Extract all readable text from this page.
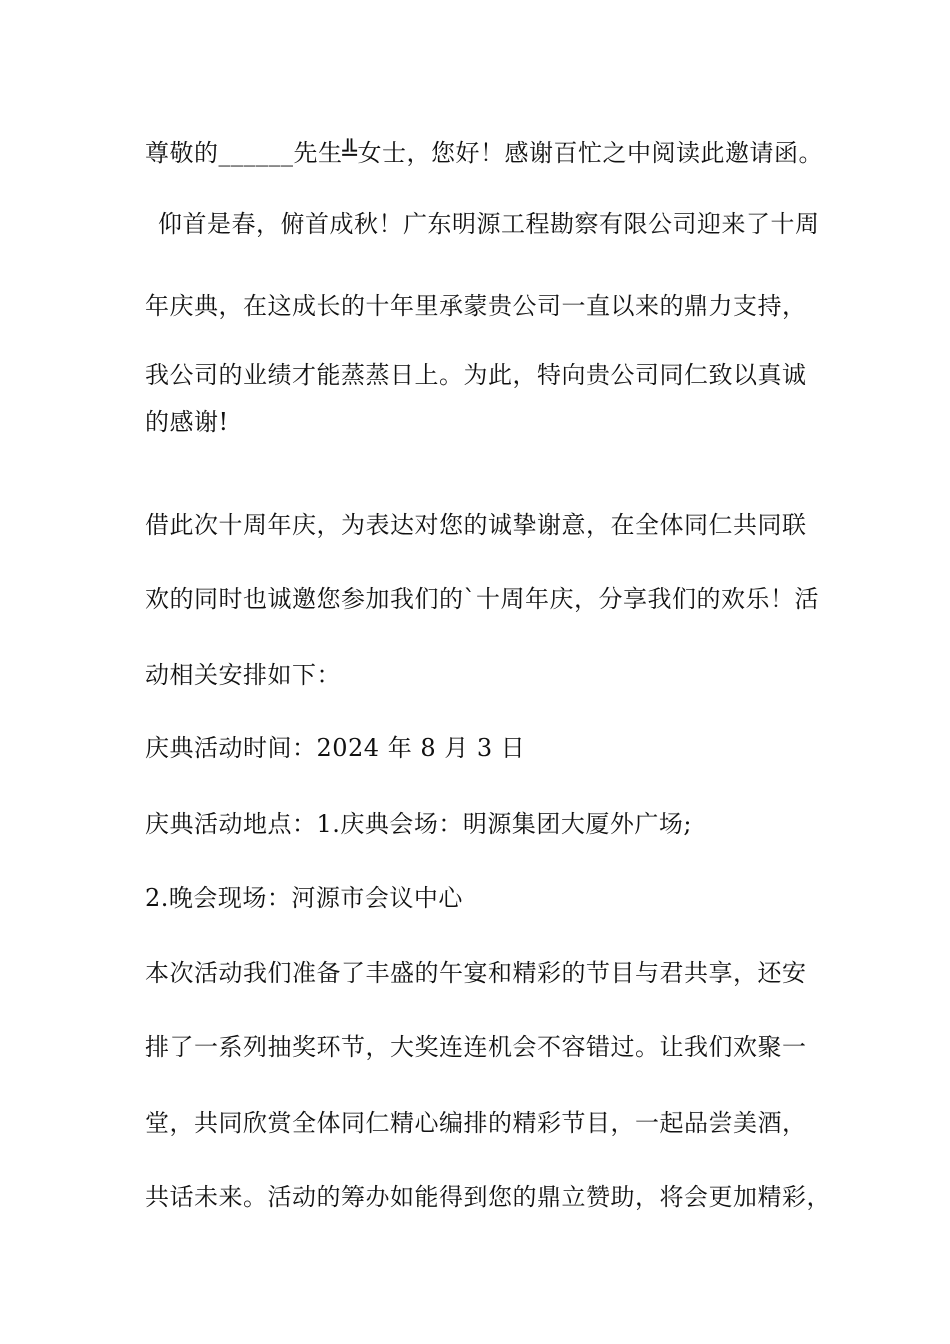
尊敬的______先生╩女士，您好！感谢百忙之中阅读此邀请函。
仰首是春，俯首成秋！广东明源工程勘察有限公司迎来了十周
年庆典，在这成长的十年里承蒙贵公司一直以来的鼎力支持，
我公司的业绩才能蒸蒸日上。为此，特向贵公司同仁致以真诚
的感谢!
借此次十周年庆，为表达对您的诚挚谢意，在全体同仁共同联
欢的同时也诚邀您参加我们的`十周年庆，分享我们的欢乐！活
动相关安排如下：
庆典活动时间：2024 年 8 月 3 日
庆典活动地点：1.庆典会场：明源集团大厦外广场;
2.晚会现场：河源市会议中心
本次活动我们准备了丰盛的午宴和精彩的节目与君共享，还安
排了一系列抽奖环节，大奖连连机会不容错过。让我们欢聚一
堂，共同欣赏全体同仁精心编排的精彩节目，一起品尝美酒，
共话未来。活动的筹办如能得到您的鼎立赞助，将会更加精彩，
